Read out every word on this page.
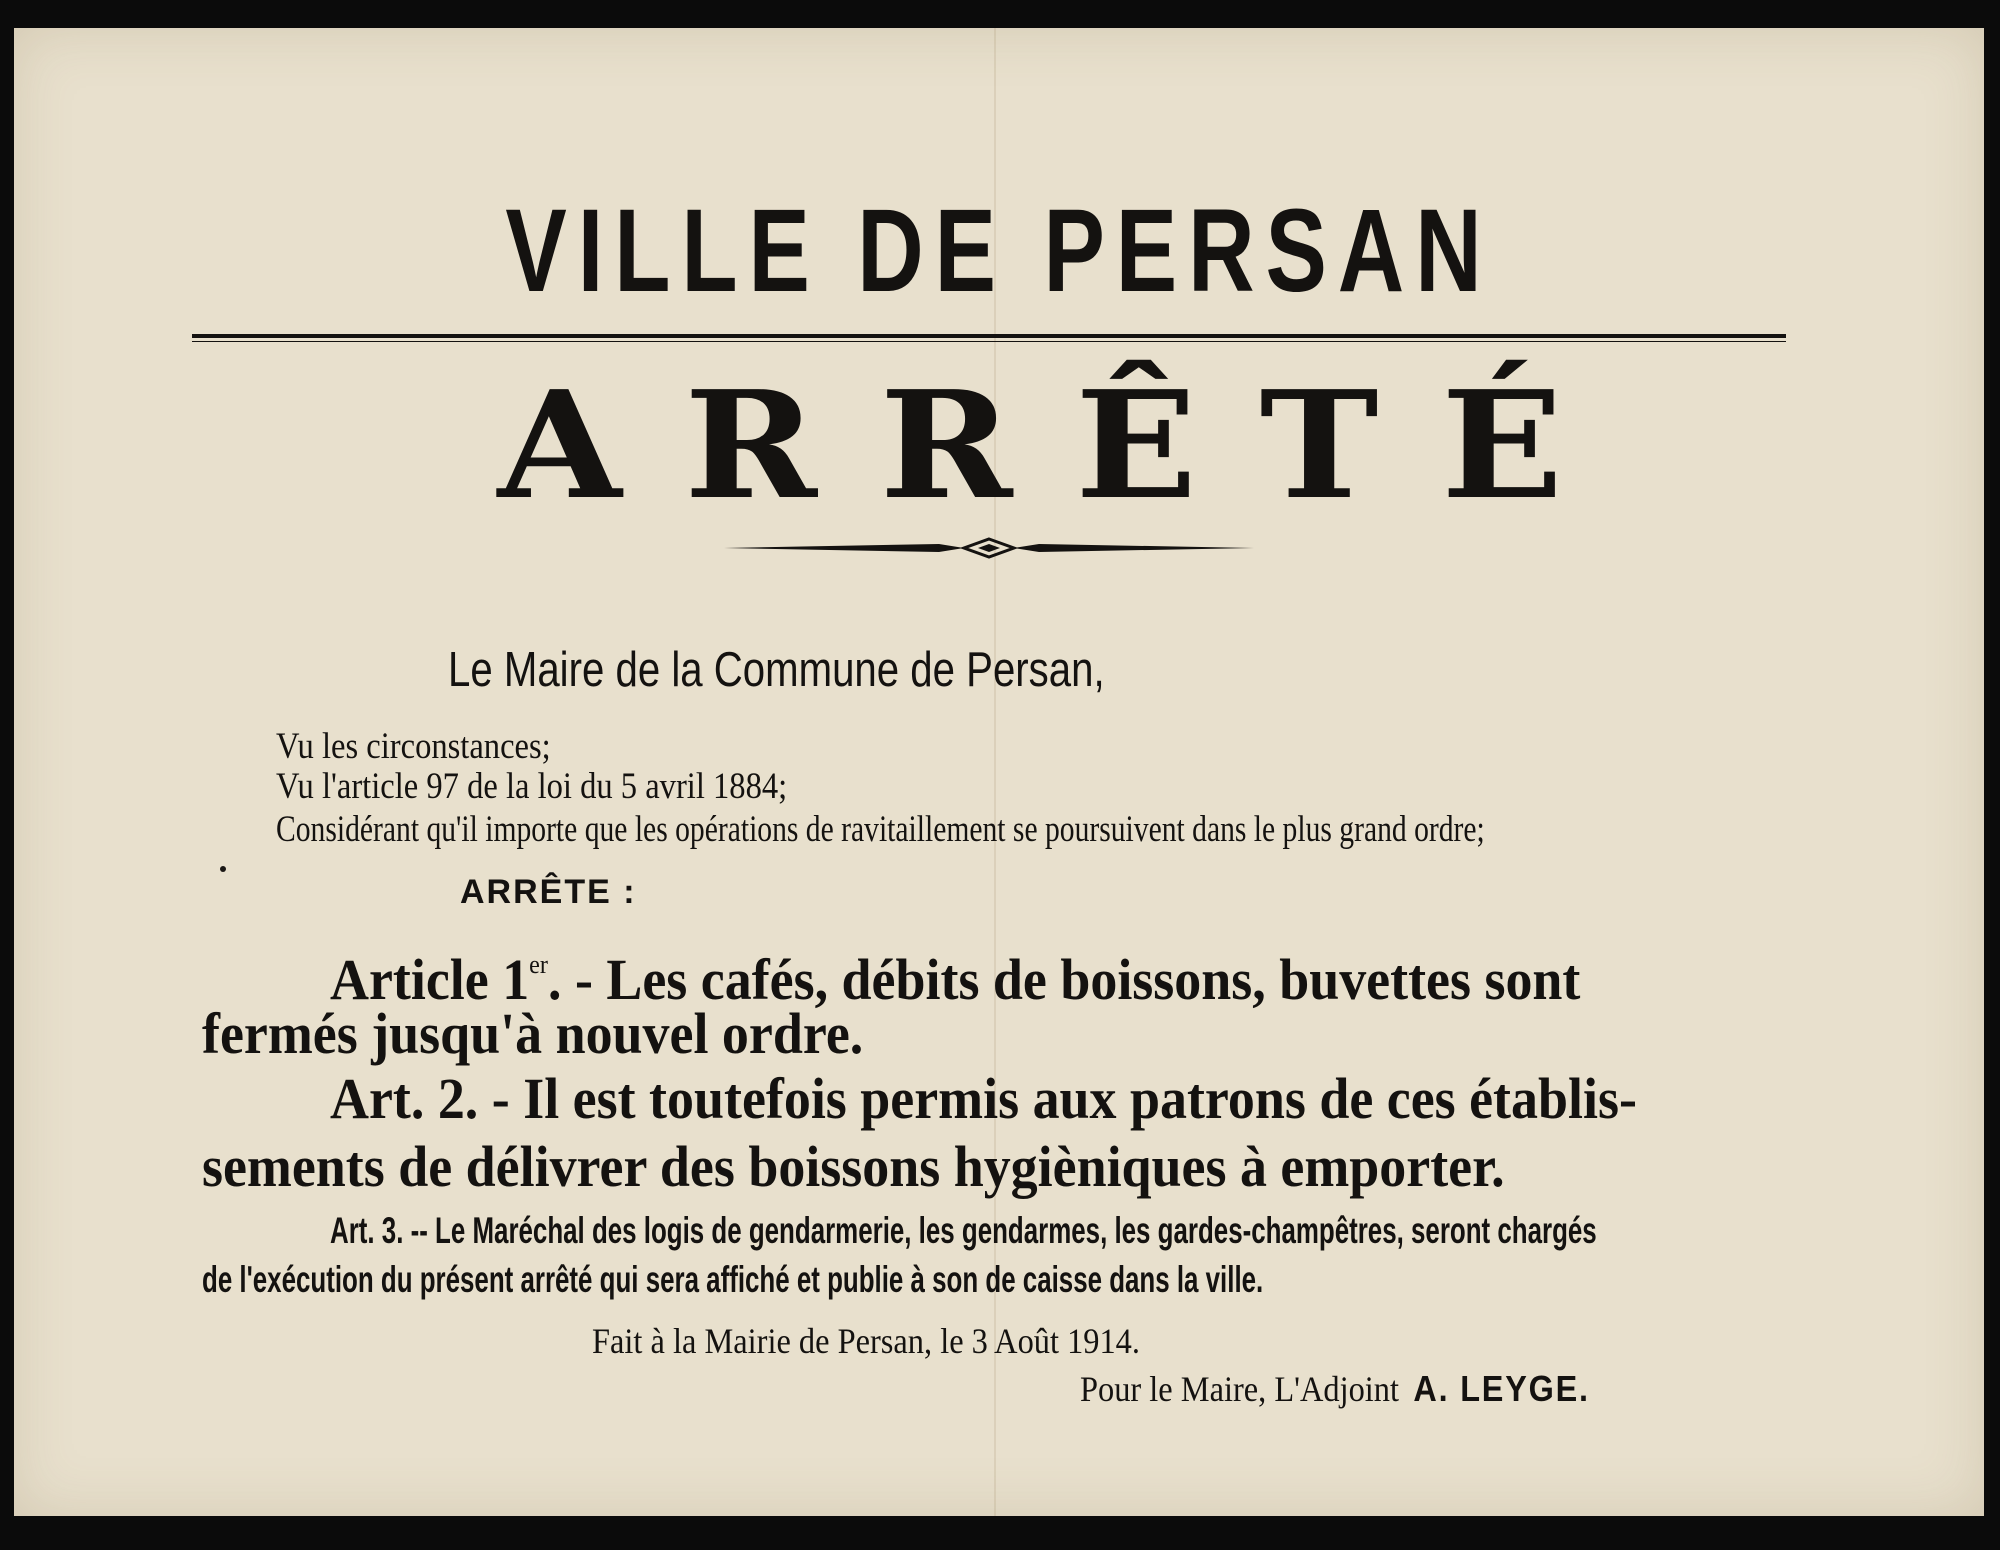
VILLE DE PERSAN
ARRÊTÉ

Le Maire de la Commune de Persan,

Vu les circonstances;

Vu l'article 97 de la loi du 5 avril 1884;

Considérant qu'il importe que les opérations de ravitaillement se poursuivent dans le plus grand ordre;

ARRÊTE :

Article 1er. - Les cafés, débits de boissons, buvettes sont

fermés jusqu'à nouvel ordre.

Art. 2. - Il est toutefois permis aux patrons de ces établis-

sements de délivrer des boissons hygièniques à emporter.

Art. 3. -- Le Maréchal des logis de gendarmerie, les gendarmes, les gardes-champêtres, seront chargés

de l'exécution du présent arrêté qui sera affiché et publie à son de caisse dans la ville.

Fait à la Mairie de Persan, le 3 Août 1914.

Pour le Maire, L'Adjoint A. LEYGE.
